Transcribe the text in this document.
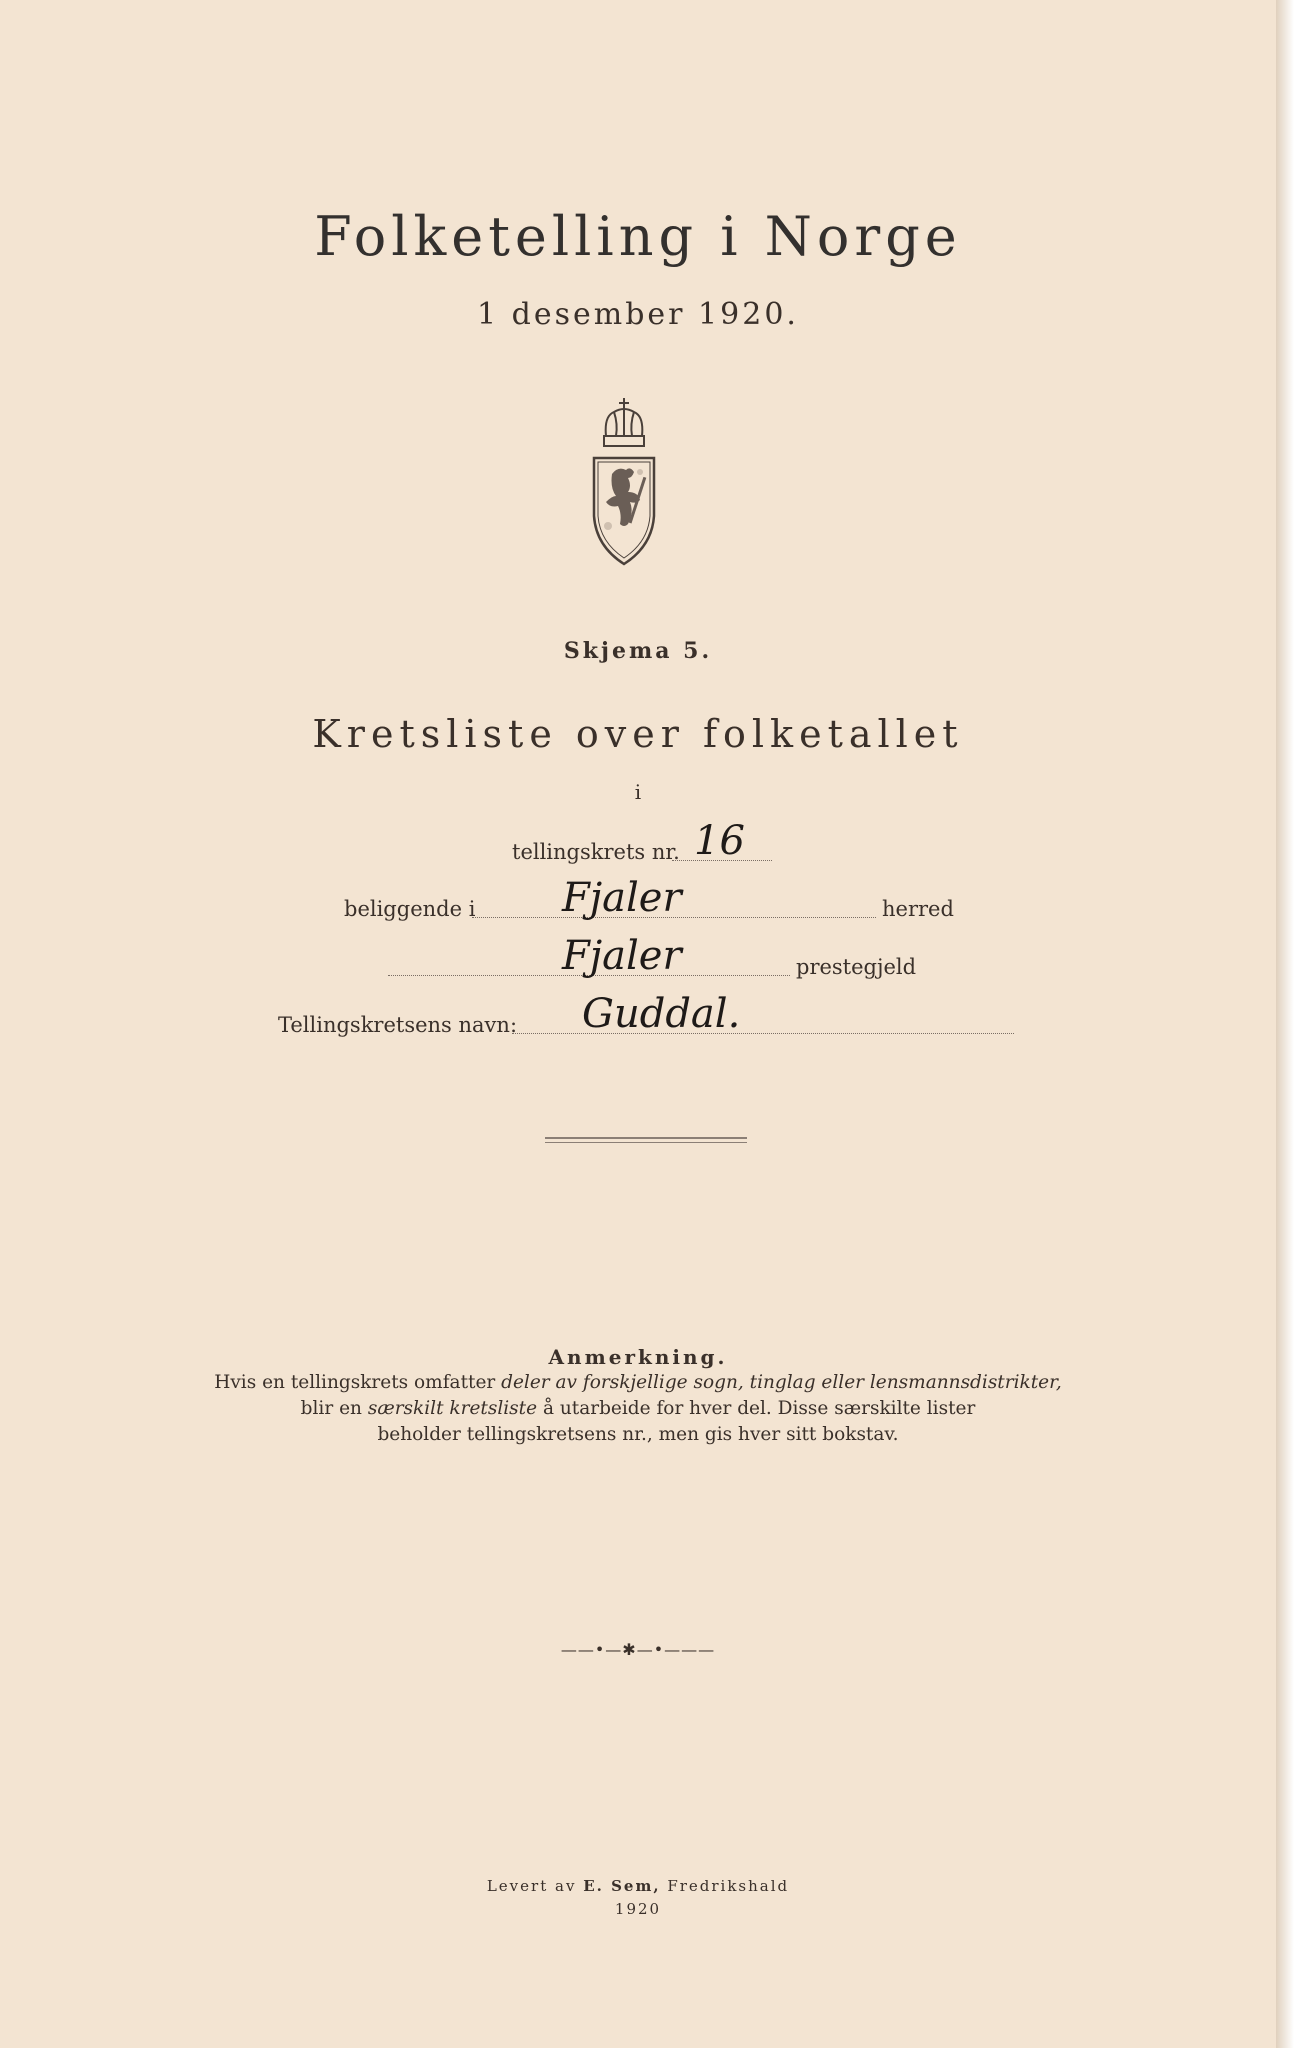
Folketelling i Norge
1 desember 1920.
Skjema 5.
Kretsliste over folketallet
i
tellingskrets nr. 16
beliggende i Fjaler	herred
Fjaler	prestegjeld
Tellingskretsens navn: Guddal.
Anmerkning.
Hvis en tellingskrets omfatter deler av forskjellige sogn, tinglag eller lensmannsdistrikter,
blir en særskilt kretsliste å utarbeide for hver del. Disse særskilte lister
beholder tellingskretsens nr., men gis hver sitt bokstav.
——•—✱—•———
Levert av E. Sem, Fredrikshald
1920
